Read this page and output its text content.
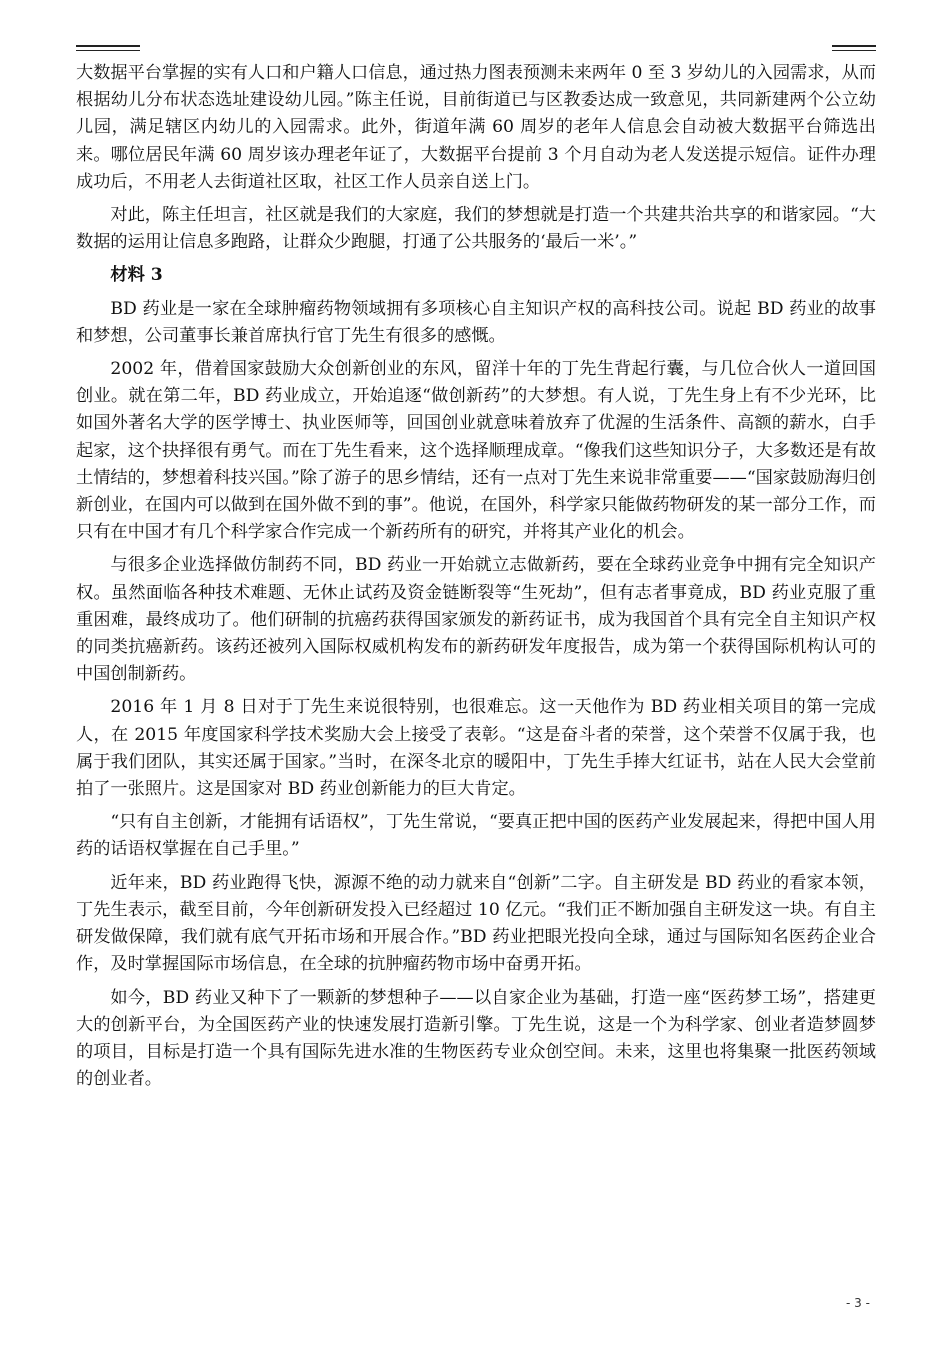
大数据平台掌握的实有人口和户籍人口信息，通过热力图表预测未来两年 0 至 3 岁幼儿的入园需求，从而根据幼儿分布状态选址建设幼儿园。”陈主任说，目前街道已与区教委达成一致意见，共同新建两个公立幼儿园，满足辖区内幼儿的入园需求。此外，街道年满 60 周岁的老年人信息会自动被大数据平台筛选出来。哪位居民年满 60 周岁该办理老年证了，大数据平台提前 3 个月自动为老人发送提示短信。证件办理成功后，不用老人去街道社区取，社区工作人员亲自送上门。

对此，陈主任坦言，社区就是我们的大家庭，我们的梦想就是打造一个共建共治共享的和谐家园。“大数据的运用让信息多跑路，让群众少跑腿，打通了公共服务的‘最后一米’。”

材料 3

BD 药业是一家在全球肿瘤药物领域拥有多项核心自主知识产权的高科技公司。说起 BD 药业的故事和梦想，公司董事长兼首席执行官丁先生有很多的感慨。

2002 年，借着国家鼓励大众创新创业的东风，留洋十年的丁先生背起行囊，与几位合伙人一道回国创业。就在第二年，BD 药业成立，开始追逐“做创新药”的大梦想。有人说，丁先生身上有不少光环，比如国外著名大学的医学博士、执业医师等，回国创业就意味着放弃了优渥的生活条件、高额的薪水，白手起家，这个抉择很有勇气。而在丁先生看来，这个选择顺理成章。“像我们这些知识分子，大多数还是有故土情结的，梦想着科技兴国。”除了游子的思乡情结，还有一点对丁先生来说非常重要——“国家鼓励海归创新创业，在国内可以做到在国外做不到的事”。他说，在国外，科学家只能做药物研发的某一部分工作，而只有在中国才有几个科学家合作完成一个新药所有的研究，并将其产业化的机会。

与很多企业选择做仿制药不同，BD 药业一开始就立志做新药，要在全球药业竞争中拥有完全知识产权。虽然面临各种技术难题、无休止试药及资金链断裂等“生死劫”，但有志者事竟成，BD 药业克服了重重困难，最终成功了。他们研制的抗癌药获得国家颁发的新药证书，成为我国首个具有完全自主知识产权的同类抗癌新药。该药还被列入国际权威机构发布的新药研发年度报告，成为第一个获得国际机构认可的中国创制新药。

2016 年 1 月 8 日对于丁先生来说很特别，也很难忘。这一天他作为 BD 药业相关项目的第一完成人，在 2015 年度国家科学技术奖励大会上接受了表彰。“这是奋斗者的荣誉，这个荣誉不仅属于我，也属于我们团队，其实还属于国家。”当时，在深冬北京的暖阳中，丁先生手捧大红证书，站在人民大会堂前拍了一张照片。这是国家对 BD 药业创新能力的巨大肯定。

“只有自主创新，才能拥有话语权”，丁先生常说，“要真正把中国的医药产业发展起来，得把中国人用药的话语权掌握在自己手里。”

近年来，BD 药业跑得飞快，源源不绝的动力就来自“创新”二字。自主研发是 BD 药业的看家本领，丁先生表示，截至目前，今年创新研发投入已经超过 10 亿元。“我们正不断加强自主研发这一块。有自主研发做保障，我们就有底气开拓市场和开展合作。”BD 药业把眼光投向全球，通过与国际知名医药企业合作，及时掌握国际市场信息，在全球的抗肿瘤药物市场中奋勇开拓。

如今，BD 药业又种下了一颗新的梦想种子——以自家企业为基础，打造一座“医药梦工场”，搭建更大的创新平台，为全国医药产业的快速发展打造新引擎。丁先生说，这是一个为科学家、创业者造梦圆梦的项目，目标是打造一个具有国际先进水准的生物医药专业众创空间。未来，这里也将集聚一批医药领域的创业者。

- 3 -
